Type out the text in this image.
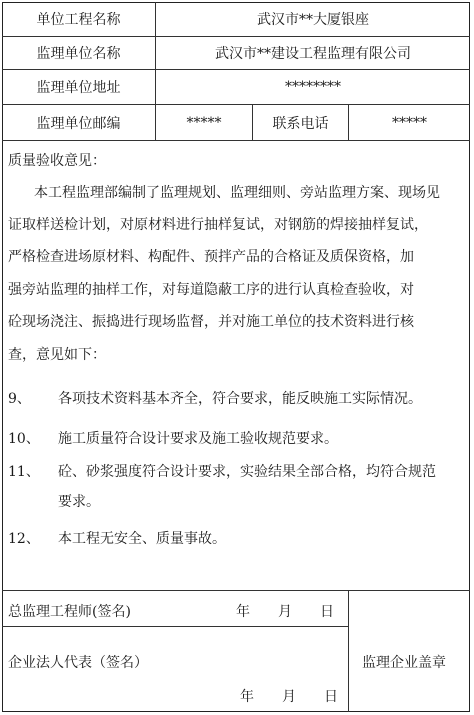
单位工程名称	武汉市**大厦银座
监理单位名称	武汉市**建设工程监理有限公司
监理单位地址	********
监理单位邮编	*****	联系电话	*****
质量验收意见：
本工程监理部编制了监理规划、监理细则、旁站监理方案、现场见
证取样送检计划，对原材料进行抽样复试，对钢筋的焊接抽样复试，
严格检查进场原材料、构配件、预拌产品的合格证及质保资格，加
强旁站监理的抽样工作，对每道隐蔽工序的进行认真检查验收，对
砼现场浇注、振捣进行现场监督，并对施工单位的技术资料进行核
查，意见如下：
9、 各项技术资料基本齐全，符合要求，能反映施工实际情况。
10、 施工质量符合设计要求及施工验收规范要求。
11、 砼、砂浆强度符合设计要求，实验结果全部合格，均符合规范
要求。
12、 本工程无安全、质量事故。
总监理工程师(签名)	年　　月　　日
企业法人代表（签名）
年　　月　　日
监理企业盖章
